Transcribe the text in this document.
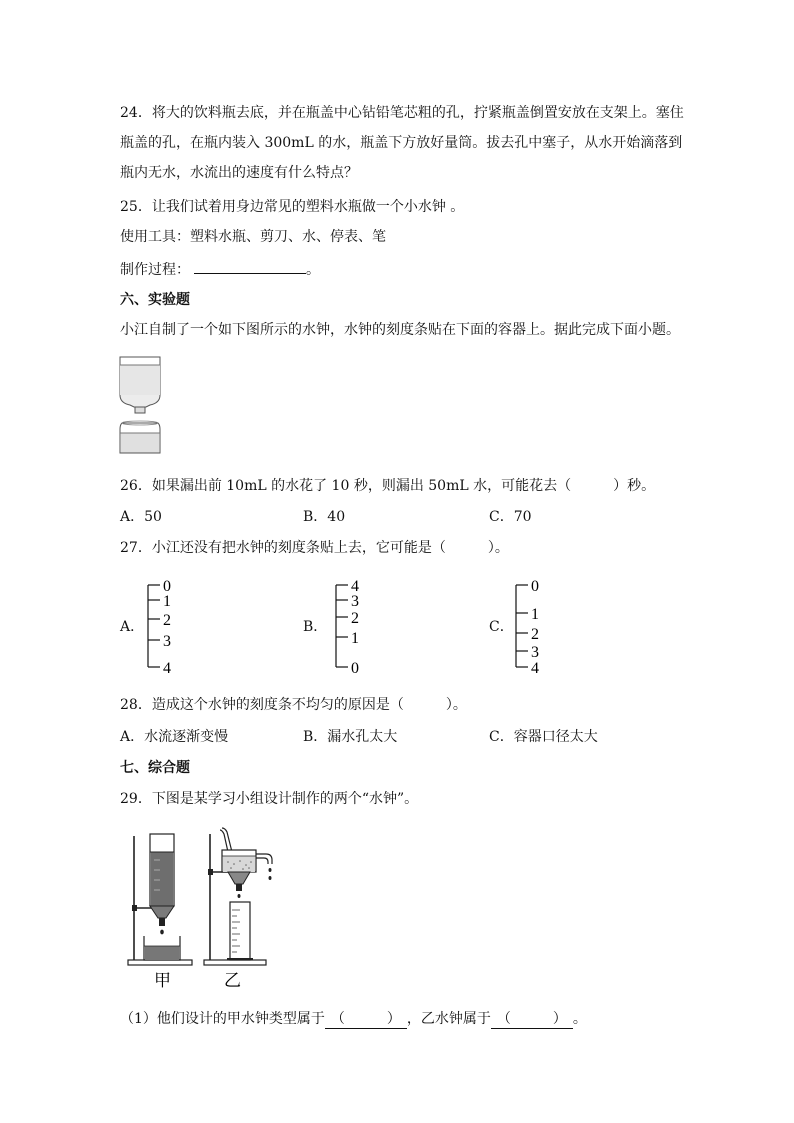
24．将大的饮料瓶去底，并在瓶盖中心钻铅笔芯粗的孔，拧紧瓶盖倒置安放在支架上。塞住
瓶盖的孔，在瓶内装入 300mL 的水，瓶盖下方放好量筒。拔去孔中塞子，从水开始滴落到
瓶内无水，水流出的速度有什么特点？
25．让我们试着用身边常见的塑料水瓶做一个小水钟 。
使用工具：塑料水瓶、剪刀、水、停表、笔
制作过程：	。
六、实验题
小江自制了一个如下图所示的水钟，水钟的刻度条贴在下面的容器上。据此完成下面小题。
26．如果漏出前 10mL 的水花了 10 秒，则漏出 50mL 水，可能花去（　　　）秒。
A．50	B．40	C．70
27．小江还没有把水钟的刻度条贴上去，它可能是（　　　）。
A．
0
1
2
3
4
B．
4
3
2
1
0
C．
0
1
2
3
4
28．造成这个水钟的刻度条不均匀的原因是（　　　）。
A．水流逐渐变慢	B．漏水孔太大	C．容器口径太大
七、综合题
29．下图是某学习小组设计制作的两个“水钟”。
甲	乙
（1）他们设计的甲水钟类型属于 （　　　） ，乙水钟属于 （　　　） 。
